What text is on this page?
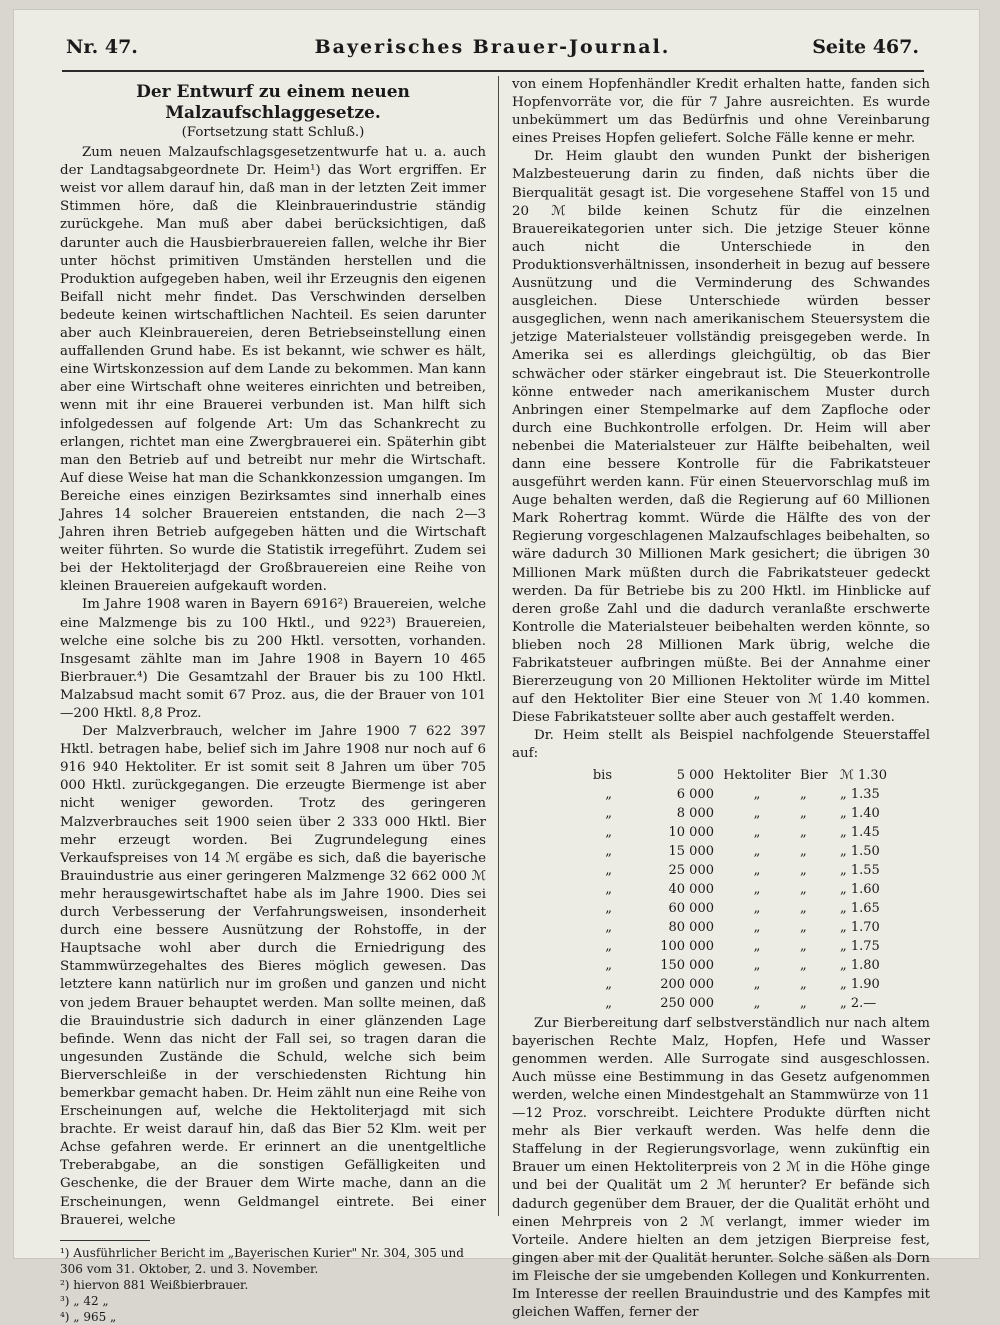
Nr. 47.	Bayerisches Brauer-Journal.	Seite 467.
Der Entwurf zu einem neuen Malzaufschlaggesetze.
(Fortsetzung statt Schluß.)

Zum neuen Malzaufschlagsgesetzentwurfe hat u. a. auch der Landtagsabgeordnete Dr. Heim¹) das Wort ergriffen. Er weist vor allem darauf hin, daß man in der letzten Zeit immer Stimmen höre, daß die Kleinbrauerindustrie ständig zurückgehe. Man muß aber dabei berücksichtigen, daß darunter auch die Hausbierbrauereien fallen, welche ihr Bier unter höchst primitiven Umständen herstellen und die Produktion aufgegeben haben, weil ihr Erzeugnis den eigenen Beifall nicht mehr findet. Das Verschwinden derselben bedeute keinen wirtschaftlichen Nachteil. Es seien darunter aber auch Kleinbrauereien, deren Betriebseinstellung einen auffallenden Grund habe. Es ist bekannt, wie schwer es hält, eine Wirtskonzession auf dem Lande zu bekommen. Man kann aber eine Wirtschaft ohne weiteres einrichten und betreiben, wenn mit ihr eine Brauerei verbunden ist. Man hilft sich infolgedessen auf folgende Art: Um das Schankrecht zu erlangen, richtet man eine Zwergbrauerei ein. Späterhin gibt man den Betrieb auf und betreibt nur mehr die Wirtschaft. Auf diese Weise hat man die Schankkonzession umgangen. Im Bereiche eines einzigen Bezirksamtes sind innerhalb eines Jahres 14 solcher Brauereien entstanden, die nach 2—3 Jahren ihren Betrieb aufgegeben hätten und die Wirtschaft weiter führten. So wurde die Statistik irregeführt. Zudem sei bei der Hektoliterjagd der Großbrauereien eine Reihe von kleinen Brauereien aufgekauft worden.

Im Jahre 1908 waren in Bayern 6916²) Brauereien, welche eine Malzmenge bis zu 100 Hktl., und 922³) Brauereien, welche eine solche bis zu 200 Hktl. versotten, vorhanden. Insgesamt zählte man im Jahre 1908 in Bayern 10 465 Bierbrauer.⁴) Die Gesamtzahl der Brauer bis zu 100 Hktl. Malzabsud macht somit 67 Proz. aus, die der Brauer von 101—200 Hktl. 8,8 Proz.

Der Malzverbrauch, welcher im Jahre 1900 7 622 397 Hktl. betragen habe, belief sich im Jahre 1908 nur noch auf 6 916 940 Hektoliter. Er ist somit seit 8 Jahren um über 705 000 Hktl. zurückgegangen. Die erzeugte Biermenge ist aber nicht weniger geworden. Trotz des geringeren Malzverbrauches seit 1900 seien über 2 333 000 Hktl. Bier mehr erzeugt worden. Bei Zugrundelegung eines Verkaufspreises von 14 ℳ ergäbe es sich, daß die bayerische Brauindustrie aus einer geringeren Malzmenge 32 662 000 ℳ mehr herausgewirtschaftet habe als im Jahre 1900. Dies sei durch Verbesserung der Verfahrungsweisen, insonderheit durch eine bessere Ausnützung der Rohstoffe, in der Hauptsache wohl aber durch die Erniedrigung des Stammwürzegehaltes des Bieres möglich gewesen. Das letztere kann natürlich nur im großen und ganzen und nicht von jedem Brauer behauptet werden. Man sollte meinen, daß die Brauindustrie sich dadurch in einer glänzenden Lage befinde. Wenn das nicht der Fall sei, so tragen daran die ungesunden Zustände die Schuld, welche sich beim Bierverschleiße in der verschiedensten Richtung hin bemerkbar gemacht haben. Dr. Heim zählt nun eine Reihe von Erscheinungen auf, welche die Hektoliterjagd mit sich brachte. Er weist darauf hin, daß das Bier 52 Klm. weit per Achse gefahren werde. Er erinnert an die unentgeltliche Treberabgabe, an die sonstigen Gefälligkeiten und Geschenke, die der Brauer dem Wirte mache, dann an die Erscheinungen, wenn Geldmangel eintrete. Bei einer Brauerei, welche

¹) Ausführlicher Bericht im „Bayerischen Kurier" Nr. 304, 305 und 306 vom 31. Oktober, 2. und 3. November.
²) hiervon 881 Weißbierbrauer.
³) „ 42 „
⁴) „ 965 „

von einem Hopfenhändler Kredit erhalten hatte, fanden sich Hopfenvorräte vor, die für 7 Jahre ausreichten. Es wurde unbekümmert um das Bedürfnis und ohne Vereinbarung eines Preises Hopfen geliefert. Solche Fälle kenne er mehr.

Dr. Heim glaubt den wunden Punkt der bisherigen Malzbesteuerung darin zu finden, daß nichts über die Bierqualität gesagt ist. Die vorgesehene Staffel von 15 und 20 ℳ bilde keinen Schutz für die einzelnen Brauereikategorien unter sich. Die jetzige Steuer könne auch nicht die Unterschiede in den Produktionsverhältnissen, insonderheit in bezug auf bessere Ausnützung und die Verminderung des Schwandes ausgleichen. Diese Unterschiede würden besser ausgeglichen, wenn nach amerikanischem Steuersystem die jetzige Materialsteuer vollständig preisgegeben werde. In Amerika sei es allerdings gleichgültig, ob das Bier schwächer oder stärker eingebraut ist. Die Steuerkontrolle könne entweder nach amerikanischem Muster durch Anbringen einer Stempelmarke auf dem Zapfloche oder durch eine Buchkontrolle erfolgen. Dr. Heim will aber nebenbei die Materialsteuer zur Hälfte beibehalten, weil dann eine bessere Kontrolle für die Fabrikatsteuer ausgeführt werden kann. Für einen Steuervorschlag muß im Auge behalten werden, daß die Regierung auf 60 Millionen Mark Rohertrag kommt. Würde die Hälfte des von der Regierung vorgeschlagenen Malzaufschlages beibehalten, so wäre dadurch 30 Millionen Mark gesichert; die übrigen 30 Millionen Mark müßten durch die Fabrikatsteuer gedeckt werden. Da für Betriebe bis zu 200 Hktl. im Hinblicke auf deren große Zahl und die dadurch veranlaßte erschwerte Kontrolle die Materialsteuer beibehalten werden könnte, so blieben noch 28 Millionen Mark übrig, welche die Fabrikatsteuer aufbringen müßte. Bei der Annahme einer Biererzeugung von 20 Millionen Hektoliter würde im Mittel auf den Hektoliter Bier eine Steuer von ℳ 1.40 kommen. Diese Fabrikatsteuer sollte aber auch gestaffelt werden.

Dr. Heim stellt als Beispiel nachfolgende Steuerstaffel auf:

bis	5 000 Hektoliter Bier ℳ 1.30
„	6 000	„	„	„ 1.35
„	8 000	„	„	„ 1.40
„	10 000	„	„	„ 1.45
„	15 000	„	„	„ 1.50
„	25 000	„	„	„ 1.55
„	40 000	„	„	„ 1.60
„	60 000	„	„	„ 1.65
„	80 000	„	„	„ 1.70
„	100 000	„	„	„ 1.75
„	150 000	„	„	„ 1.80
„	200 000	„	„	„ 1.90
„	250 000	„	„	„ 2.—

Zur Bierbereitung darf selbstverständlich nur nach altem bayerischen Rechte Malz, Hopfen, Hefe und Wasser genommen werden. Alle Surrogate sind ausgeschlossen. Auch müsse eine Bestimmung in das Gesetz aufgenommen werden, welche einen Mindestgehalt an Stammwürze von 11—12 Proz. vorschreibt. Leichtere Produkte dürften nicht mehr als Bier verkauft werden. Was helfe denn die Staffelung in der Regierungsvorlage, wenn zukünftig ein Brauer um einen Hektoliterpreis von 2 ℳ in die Höhe ginge und bei der Qualität um 2 ℳ herunter? Er befände sich dadurch gegenüber dem Brauer, der die Qualität erhöht und einen Mehrpreis von 2 ℳ verlangt, immer wieder im Vorteile. Andere hielten an dem jetzigen Bierpreise fest, gingen aber mit der Qualität herunter. Solche säßen als Dorn im Fleische der sie umgebenden Kollegen und Konkurrenten. Im Interesse der reellen Brauindustrie und des Kampfes mit gleichen Waffen, ferner der
